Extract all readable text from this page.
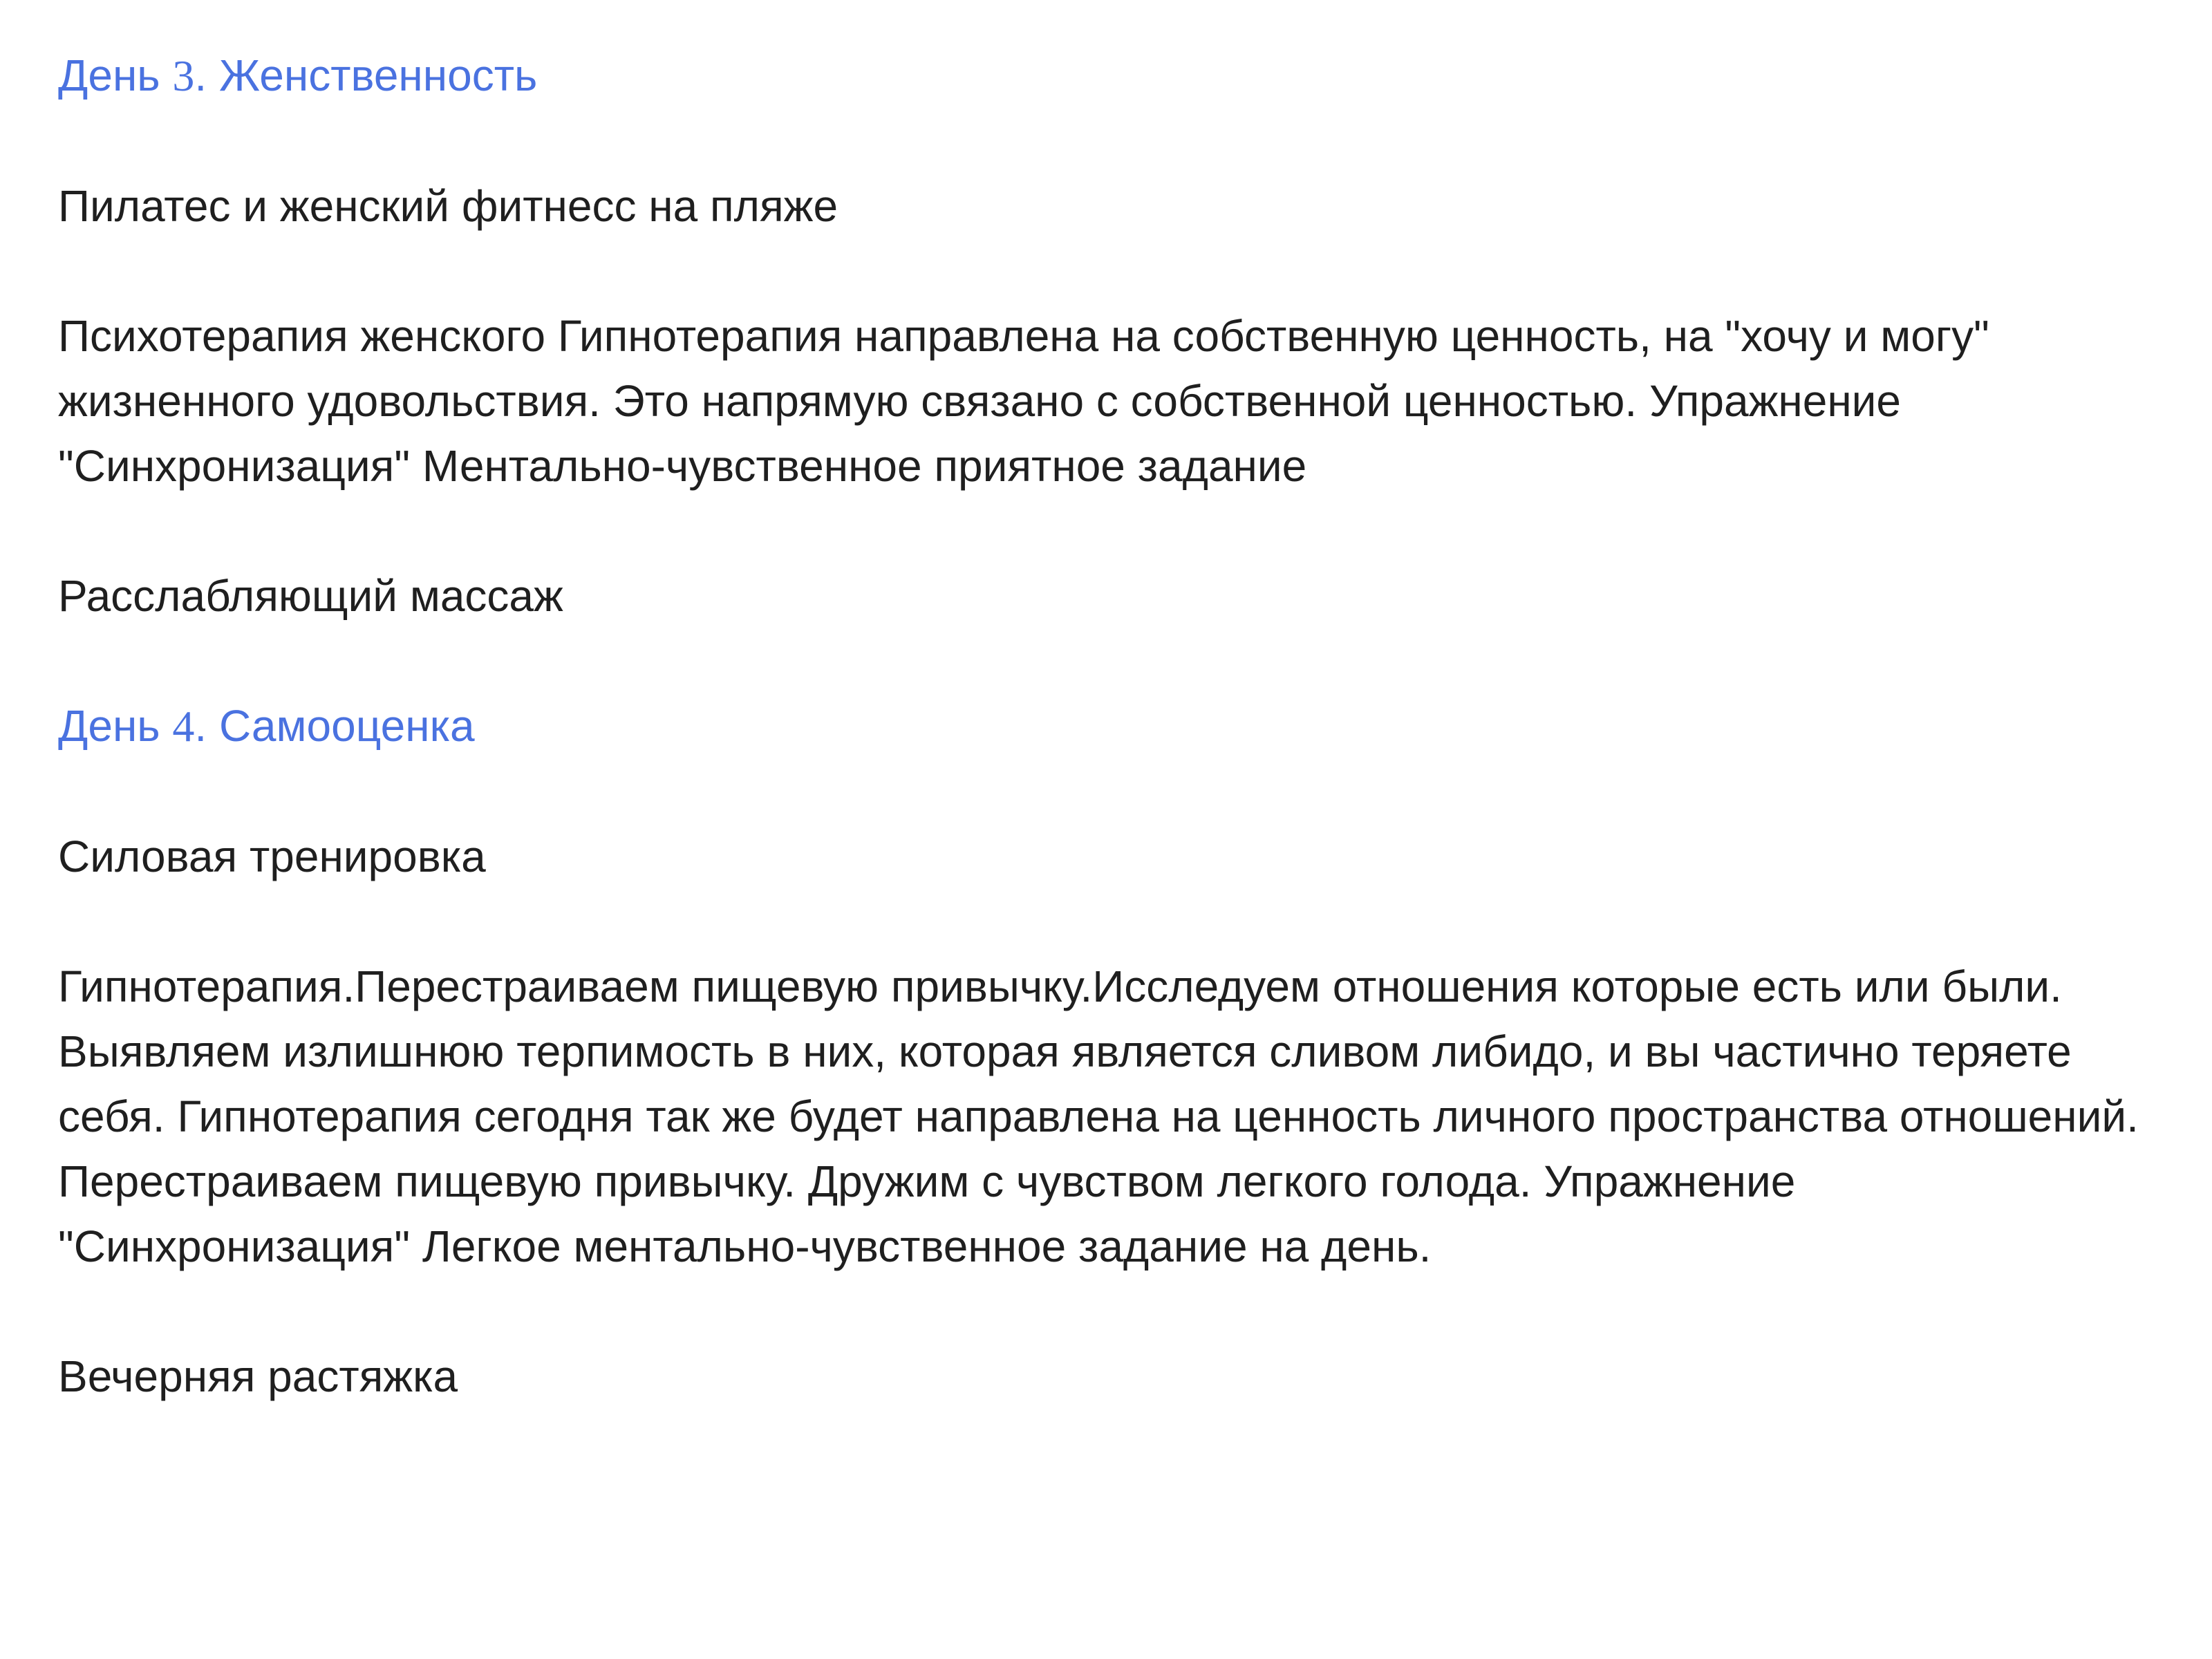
День 3. Женственность

Пилатес и женский фитнесс на пляже

Психотерапия женского Гипнотерапия направлена на собственную ценность, на "хочу и могу" жизненного удовольствия. Это напрямую связано с собственной ценностью. Упражнение "Синхронизация" Ментально-чувственное приятное задание

Расслабляющий массаж

День 4. Самооценка

Силовая тренировка

Гипнотерапия.Перестраиваем пищевую привычку.Исследуем отношения которые есть или были. Выявляем излишнюю терпимость в них, которая является сливом либидо, и вы частично теряете себя. Гипнотерапия сегодня так же будет направлена на ценность личного пространства отношений. Перестраиваем пищевую привычку. Дружим с чувством легкого голода. Упражнение "Синхронизация" Легкое ментально-чувственное задание на день.

Вечерняя растяжка
